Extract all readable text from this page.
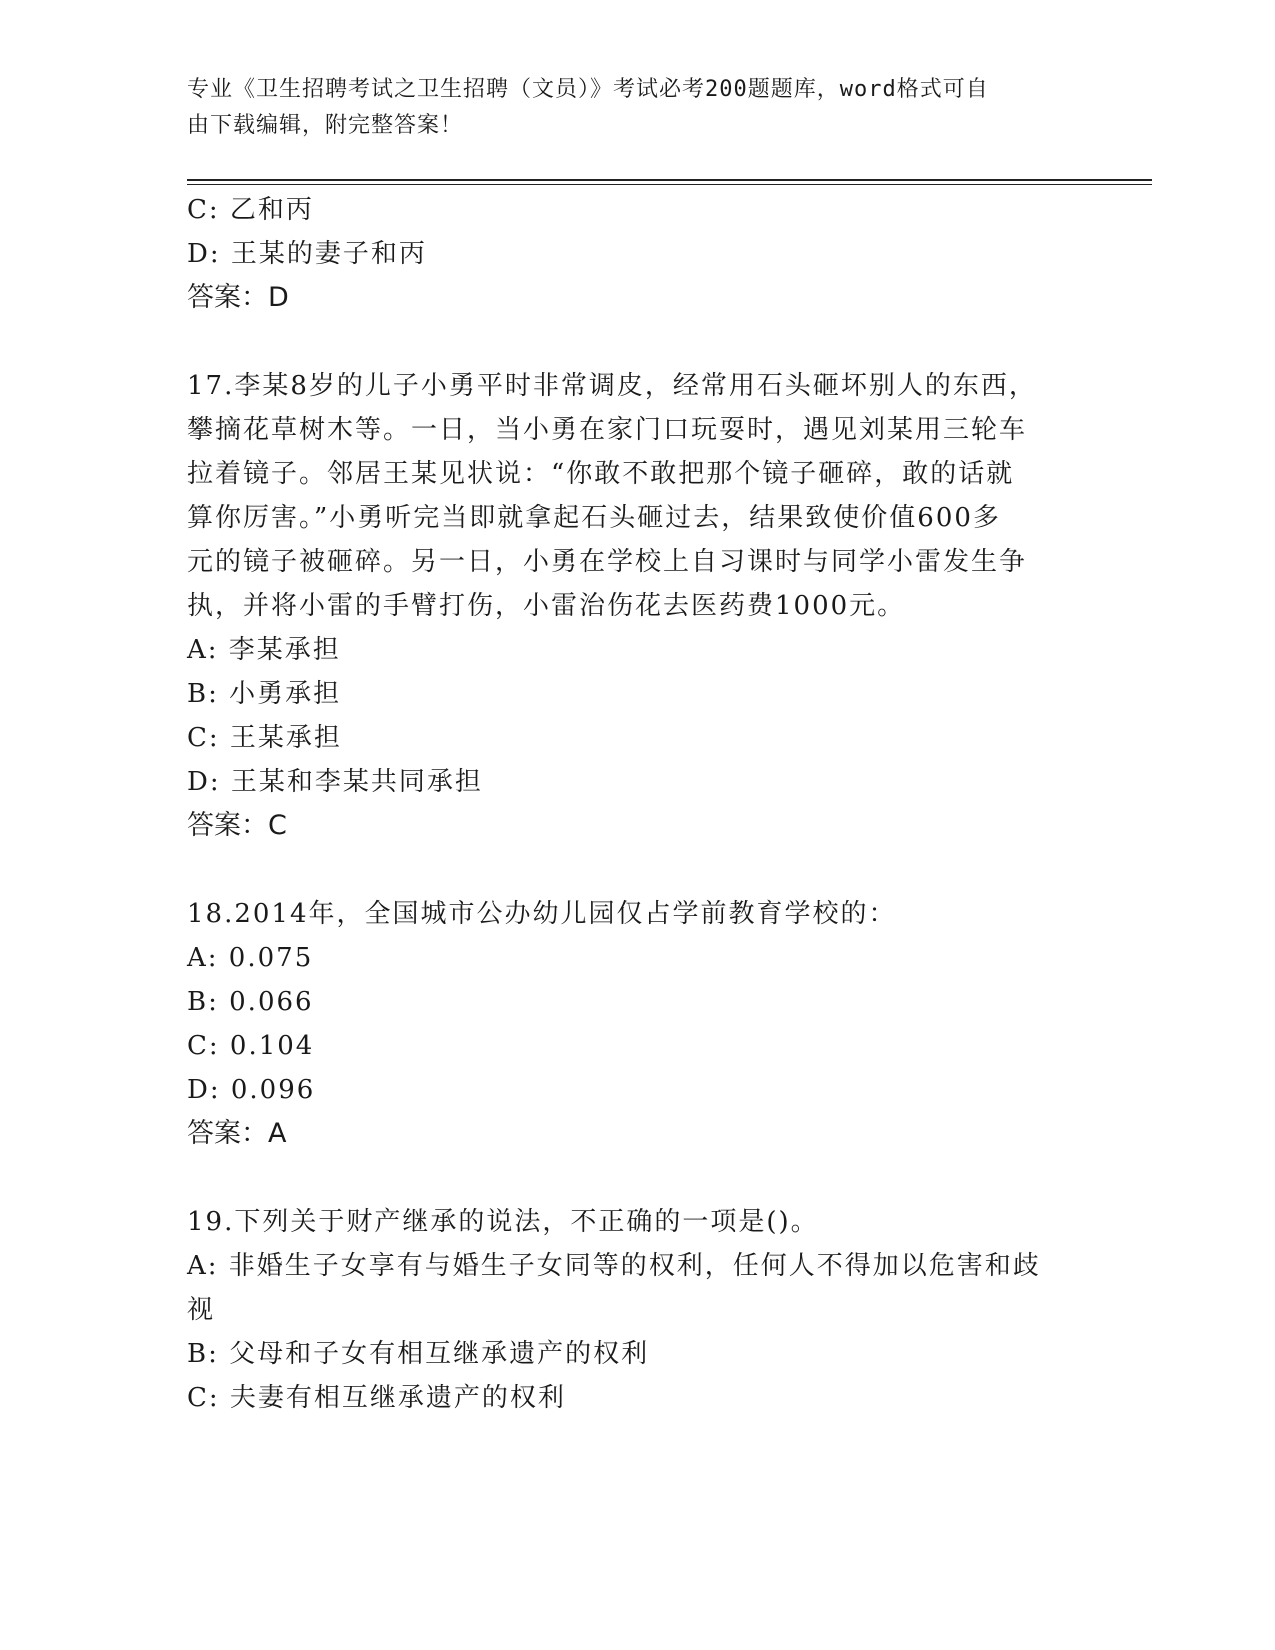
专业《卫生招聘考试之卫生招聘（文员）》考试必考200题题库，word格式可自
由下载编辑，附完整答案！
C: 乙和丙
D: 王某的妻子和丙
答案：D
17.李某8岁的儿子小勇平时非常调皮，经常用石头砸坏别人的东西，
攀摘花草树木等。一日，当小勇在家门口玩耍时，遇见刘某用三轮车
拉着镜子。邻居王某见状说：“你敢不敢把那个镜子砸碎，敢的话就
算你厉害。”小勇听完当即就拿起石头砸过去，结果致使价值600多
元的镜子被砸碎。另一日，小勇在学校上自习课时与同学小雷发生争
执，并将小雷的手臂打伤，小雷治伤花去医药费1000元。
A: 李某承担
B: 小勇承担
C: 王某承担
D: 王某和李某共同承担
答案：C
18.2014年，全国城市公办幼儿园仅占学前教育学校的：
A: 0.075
B: 0.066
C: 0.104
D: 0.096
答案：A
19.下列关于财产继承的说法，不正确的一项是()。
A: 非婚生子女享有与婚生子女同等的权利，任何人不得加以危害和歧
视
B: 父母和子女有相互继承遗产的权利
C: 夫妻有相互继承遗产的权利
